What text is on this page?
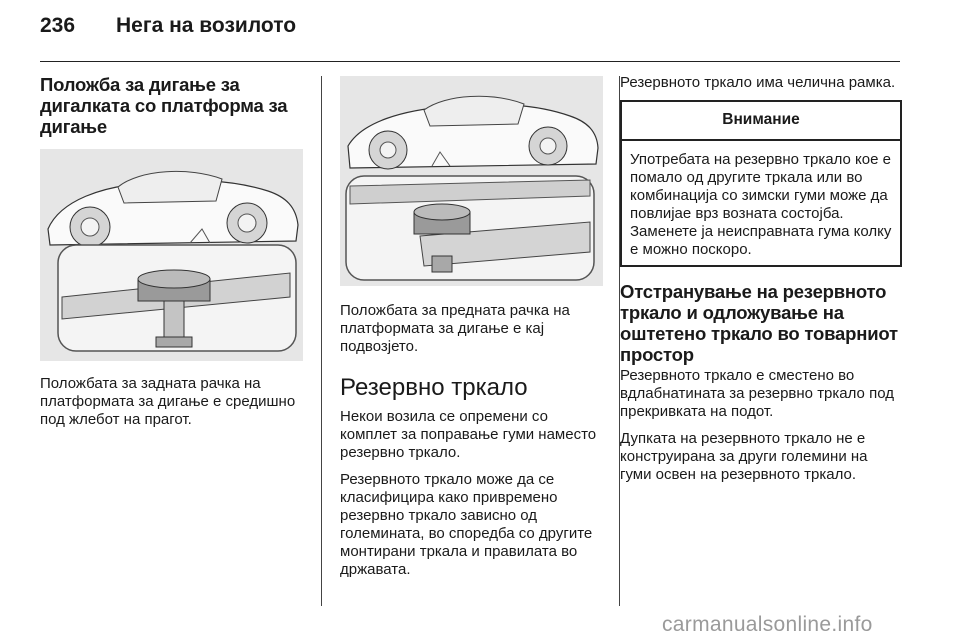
236 Нега на возилото
Положба за дигање за дигалката со платформа за дигање

Положбата за задната рачка на платформата за дигање е средишно под жлебот на прагот.

Положбата за предната рачка на платформата за дигање е кај подвозјето.

Резервно тркало

Некои возила се опремени со комплет за поправање гуми наместо резервно тркало.

Резервното тркало може да се класифицира како привремено резервно тркало зависно од големината, во споредба со другите монтирани тркала и правилата во државата.

Резервното тркало има челична рамка.

Внимание
Употребата на резервно тркало кое е помало од другите тркала или во комбинација со зимски гуми може да повлијае врз возната состојба. Заменете ја неисправната гума колку е можно поскоро.
Отстранување на резервното тркало и одложување на оштетено тркало во товарниот простор

Резервното тркало е сместено во вдлабнатината за резервно тркало под прекривката на подот.

Дупката на резервното тркало не е конструирана за други големини на гуми освен на резервното тркало.

carmanualsonline.info
